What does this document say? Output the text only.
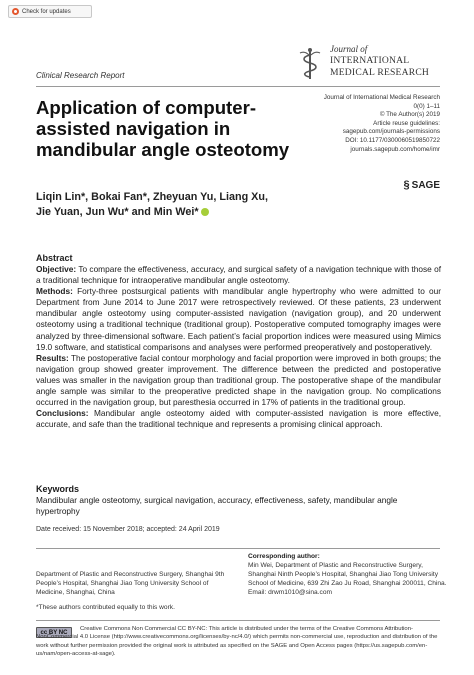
Check for updates
Journal of
INTERNATIONAL
MEDICAL RESEARCH
Clinical Research Report
Application of computer-assisted navigation in mandibular angle osteotomy
Journal of International Medical Research
0(0) 1–11
© The Author(s) 2019
Article reuse guidelines:
sagepub.com/journals-permissions
DOI: 10.1177/0300060519850722
journals.sagepub.com/home/imr
§ SAGE
Liqin Lin*, Bokai Fan*, Zheyuan Yu, Liang Xu,
Jie Yuan, Jun Wu* and Min Wei*
Abstract

Objective: To compare the effectiveness, accuracy, and surgical safety of a navigation technique with those of a traditional technique for intraoperative mandibular angle osteotomy.

Methods: Forty-three postsurgical patients with mandibular angle hypertrophy who were admitted to our Department from June 2014 to June 2017 were retrospectively reviewed. Of these patients, 23 underwent mandibular angle osteotomy using computer-assisted navigation (navigation group), and 20 underwent osteotomy using a traditional technique (traditional group). Postoperative computed tomography images were analyzed by three-dimensional software. Each patient’s facial proportion indices were measured using Mimics 19.0 software, and statistical comparisons and analyses were performed preoperatively and postoperatively.

Results: The postoperative facial contour morphology and facial proportion were improved in both groups; the navigation group showed greater improvement. The difference between the predicted and postoperative values was smaller in the navigation group than traditional group. The postoperative shape of the mandibular angle sample was similar to the preoperative predicted shape in the navigation group. No complications occurred in the navigation group, but paresthesia occurred in 17% of patients in the traditional group.

Conclusions: Mandibular angle osteotomy aided with computer-assisted navigation is more effective, accurate, and safe than the traditional technique and represents a promising clinical approach.

Keywords

Mandibular angle osteotomy, surgical navigation, accuracy, effectiveness, safety, mandibular angle hypertrophy

Date received: 15 November 2018; accepted: 24 April 2019
Department of Plastic and Reconstructive Surgery, Shanghai 9th People’s Hospital, Shanghai Jiao Tong University School of Medicine, Shanghai, China
*These authors contributed equally to this work.
Corresponding author:
Min Wei, Department of Plastic and Reconstructive Surgery, Shanghai Ninth People’s Hospital, Shanghai Jiao Tong University School of Medicine, 639 Zhi Zao Ju Road, Shanghai 200011, China.
Email: drwm1010@sina.com
cc BY NC
Creative Commons Non Commercial CC BY-NC: This article is distributed under the terms of the Creative Commons Attribution-NonCommercial 4.0 License (http://www.creativecommons.org/licenses/by-nc/4.0/) which permits non-commercial use, reproduction and distribution of the work without further permission provided the original work is attributed as specified on the SAGE and Open Access pages (https://us.sagepub.com/en-us/nam/open-access-at-sage).
